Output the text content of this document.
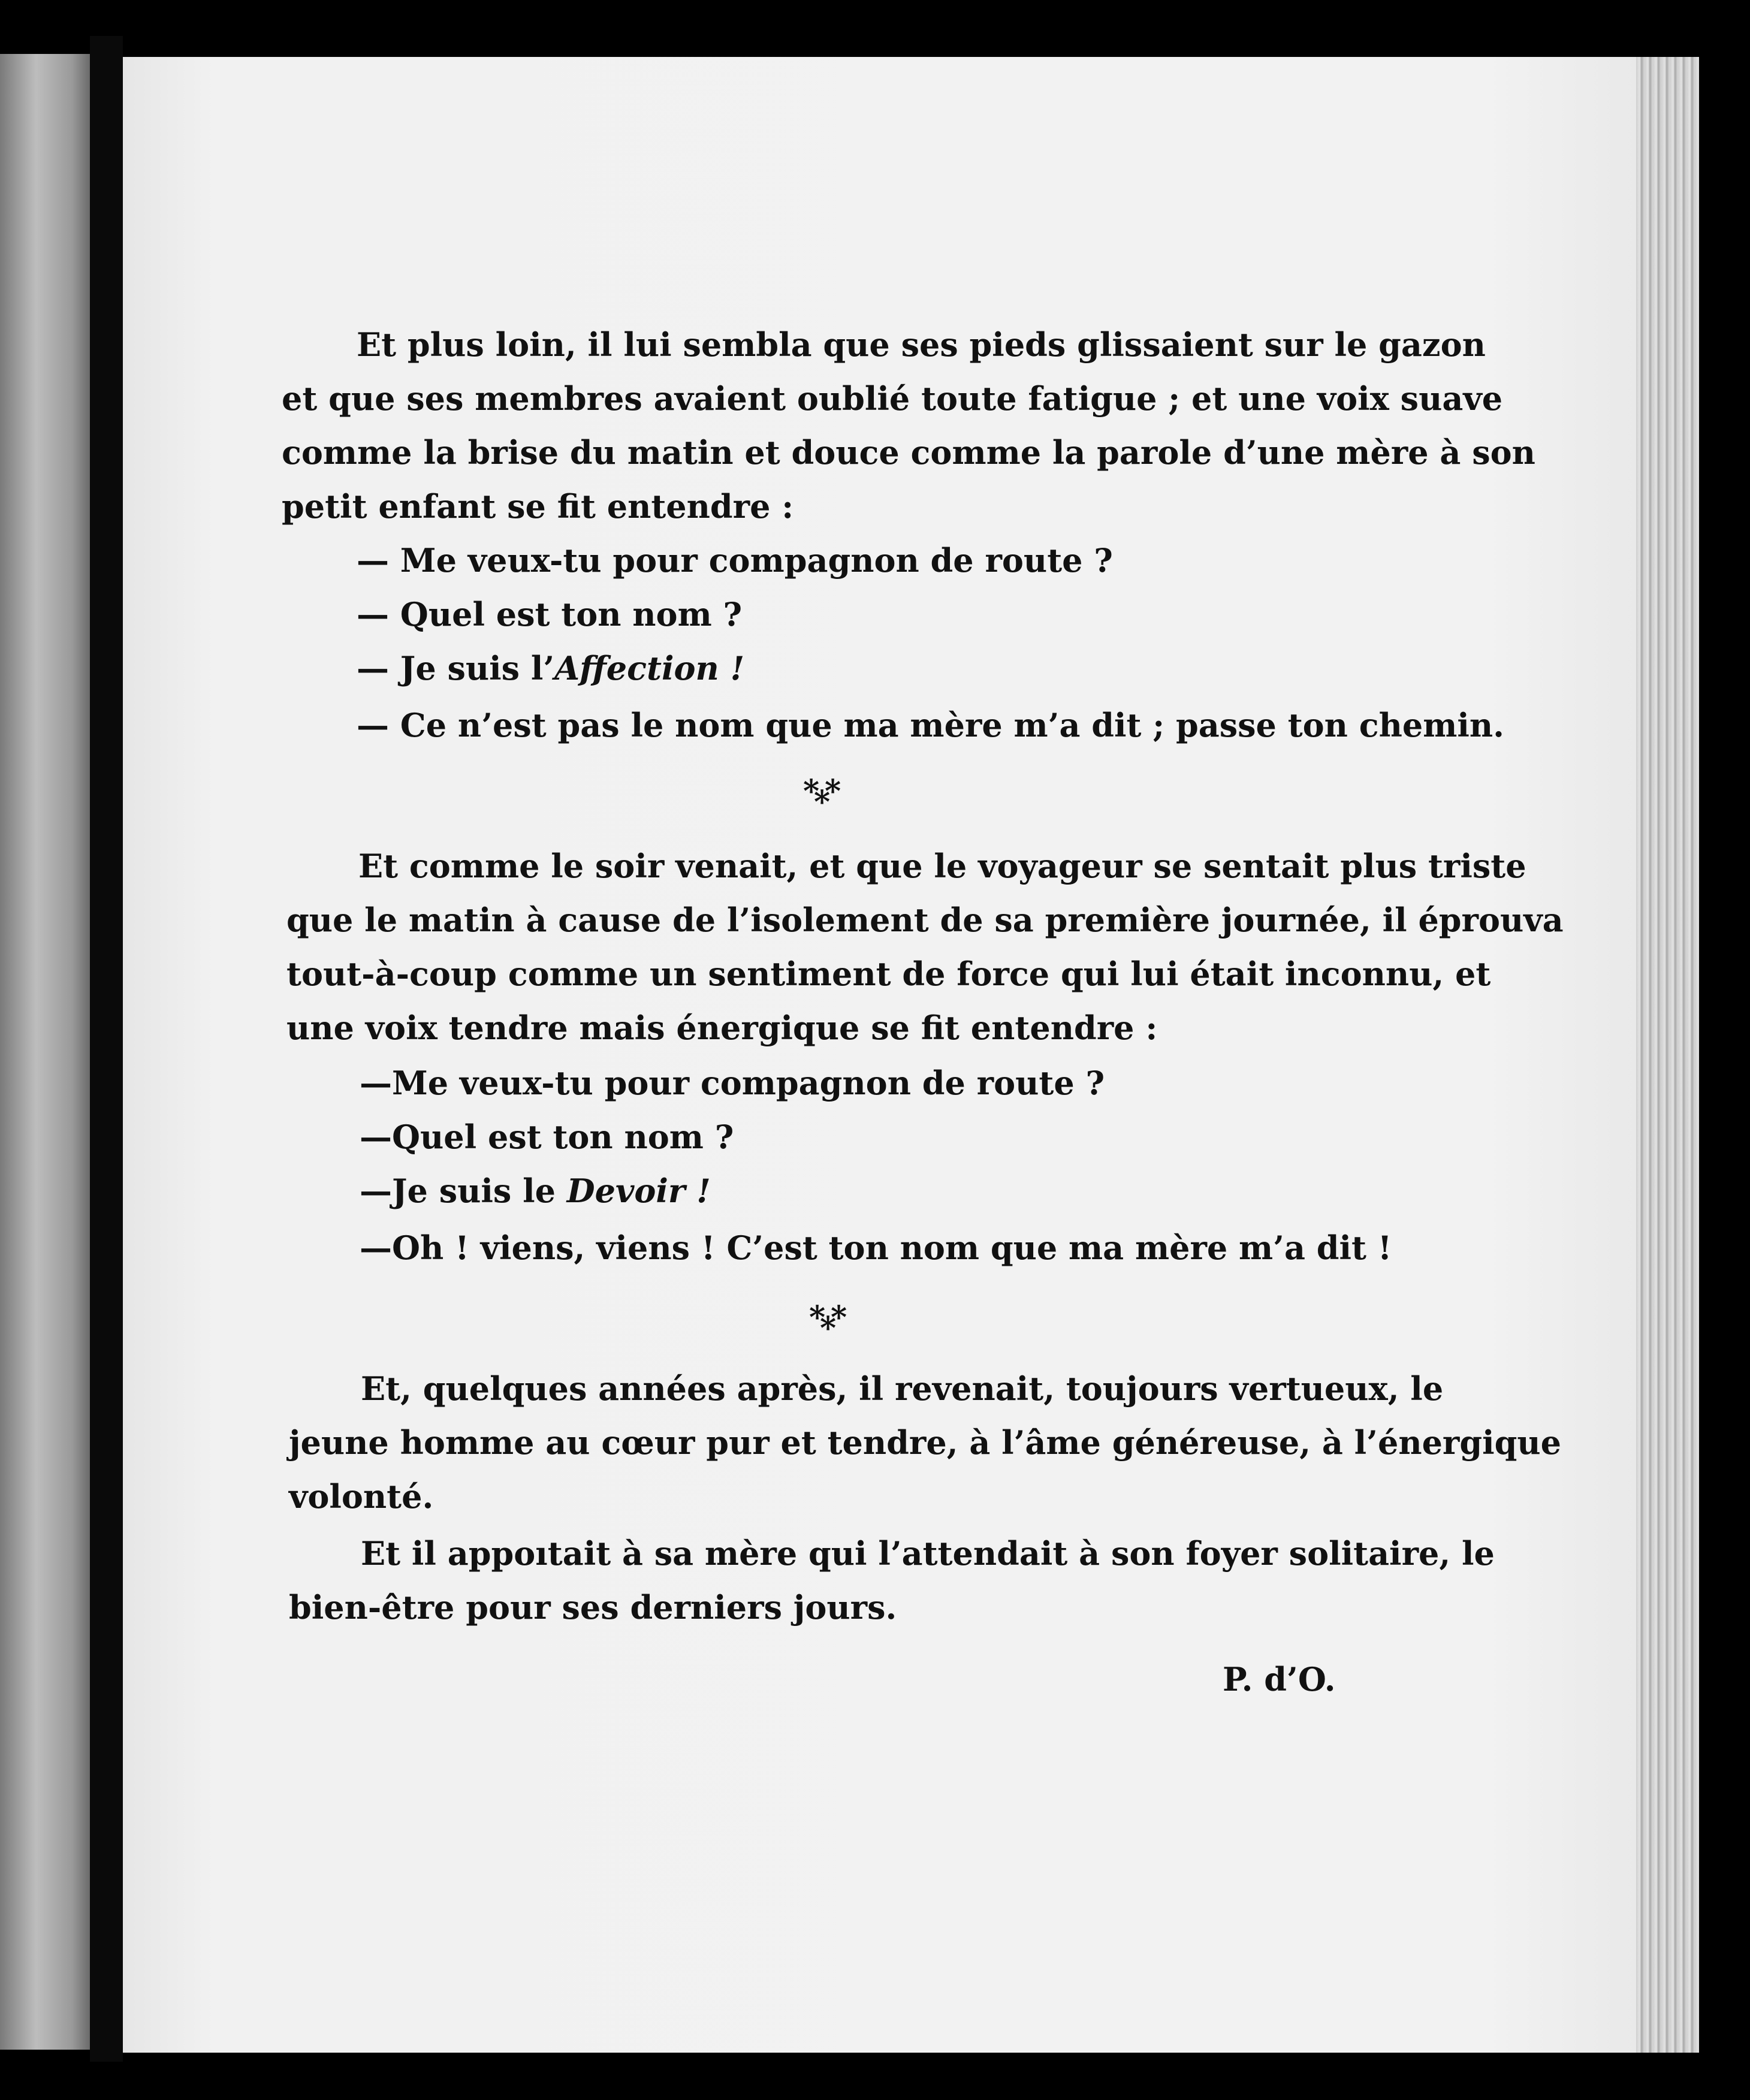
Et plus loin, il lui sembla que ses pieds glissaient sur le gazon

et que ses membres avaient oublié toute fatigue ; et une voix suave

comme la brise du matin et douce comme la parole d’une mère à son

petit enfant se fit entendre :

— Me veux-tu pour compagnon de route ?

— Quel est ton nom ?

— Je suis l’Affection !

— Ce n’est pas le nom que ma mère m’a dit ; passe ton chemin.

*
*
*

Et comme le soir venait, et que le voyageur se sentait plus triste

que le matin à cause de l’isolement de sa première journée, il éprouva

tout-à-coup comme un sentiment de force qui lui était inconnu, et

une voix tendre mais énergique se fit entendre :

—Me veux-tu pour compagnon de route ?

—Quel est ton nom ?

—Je suis le Devoir !

—Oh ! viens, viens ! C’est ton nom que ma mère m’a dit !

*
*
*

Et, quelques années après, il revenait, toujours vertueux, le

jeune homme au cœur pur et tendre, à l’âme généreuse, à l’énergique

volonté.

Et il appoıtait à sa mère qui l’attendait à son foyer solitaire, le

bien-être pour ses derniers jours.

P. d’O.
